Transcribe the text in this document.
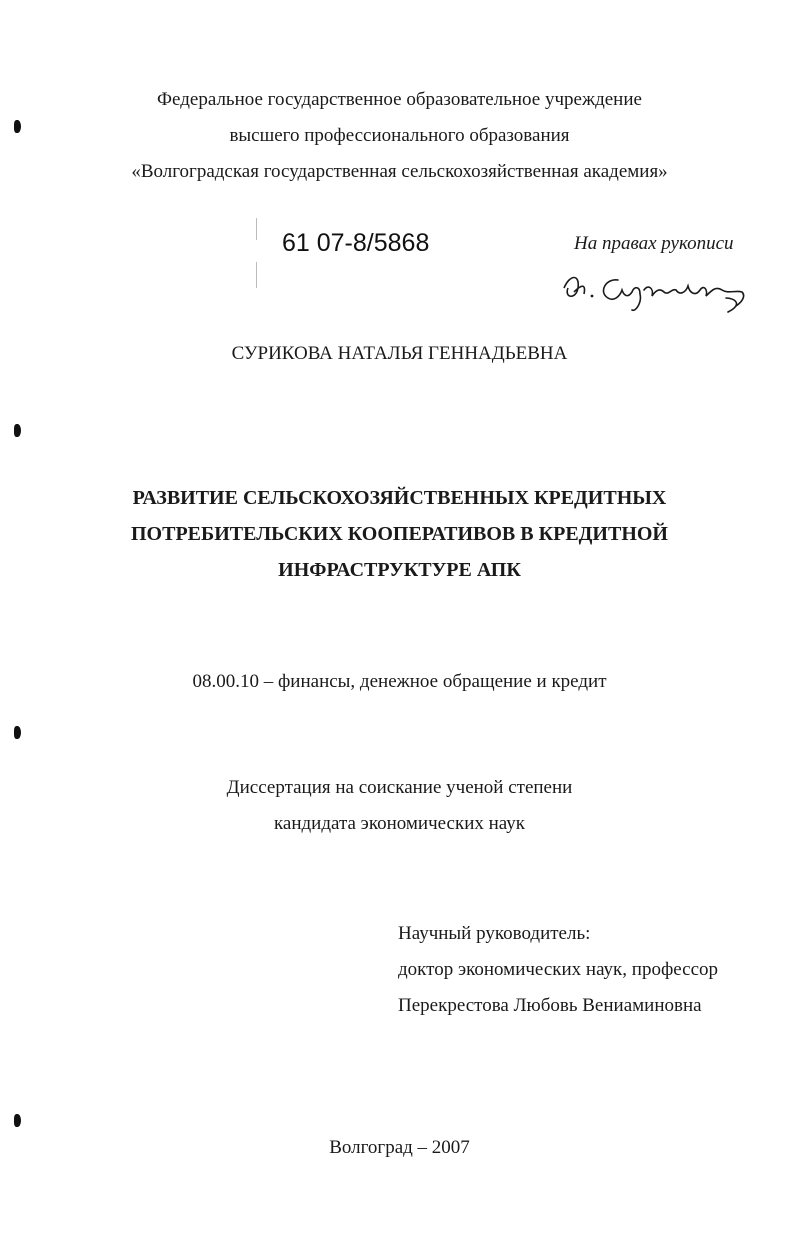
Федеральное государственное образовательное учреждение
высшего профессионального образования
«Волгоградская государственная сельскохозяйственная академия»
61 07-8/5868	На правах рукописи
СУРИКОВА НАТАЛЬЯ ГЕННАДЬЕВНА
РАЗВИТИЕ СЕЛЬСКОХОЗЯЙСТВЕННЫХ КРЕДИТНЫХ
ПОТРЕБИТЕЛЬСКИХ КООПЕРАТИВОВ В КРЕДИТНОЙ
ИНФРАСТРУКТУРЕ АПК
08.00.10 – финансы, денежное обращение и кредит
Диссертация на соискание ученой степени
кандидата экономических наук
Научный руководитель:
доктор экономических наук, профессор
Перекрестова Любовь Вениаминовна
Волгоград – 2007
